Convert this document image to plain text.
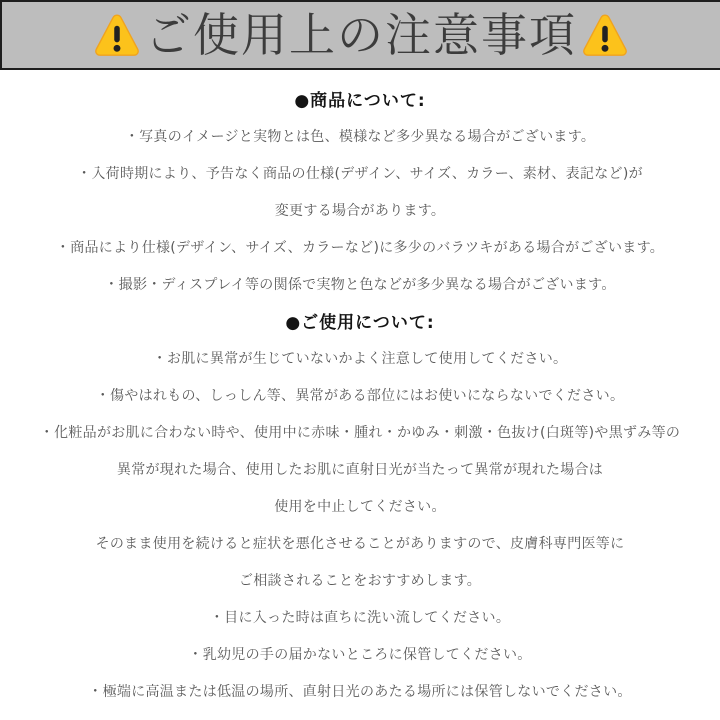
ご使用上の注意事項
●商品について:
・写真のイメージと実物とは色、模様など多少異なる場合がございます。
・入荷時期により、予告なく商品の仕様(デザイン、サイズ、カラー、素材、表記など)が
変更する場合があります。
・商品により仕様(デザイン、サイズ、カラーなど)に多少のバラツキがある場合がございます。
・撮影・ディスプレイ等の関係で実物と色などが多少異なる場合がございます。
●ご使用について:
・お肌に異常が生じていないかよく注意して使用してください。
・傷やはれもの、しっしん等、異常がある部位にはお使いにならないでください。
・化粧品がお肌に合わない時や、使用中に赤味・腫れ・かゆみ・刺激・色抜け(白斑等)や黒ずみ等の
異常が現れた場合、使用したお肌に直射日光が当たって異常が現れた場合は
使用を中止してください。
そのまま使用を続けると症状を悪化させることがありますので、皮膚科専門医等に
ご相談されることをおすすめします。
・目に入った時は直ちに洗い流してください。
・乳幼児の手の届かないところに保管してください。
・極端に高温または低温の場所、直射日光のあたる場所には保管しないでください。
